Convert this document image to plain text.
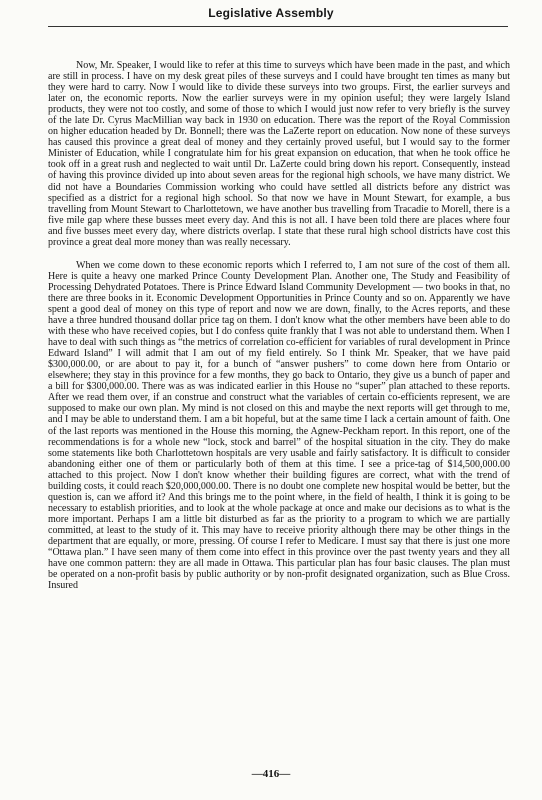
Legislative Assembly

Now, Mr. Speaker, I would like to refer at this time to surveys which have been made in the past, and which are still in process. I have on my desk great piles of these surveys and I could have brought ten times as many but they were hard to carry. Now I would like to divide these surveys into two groups. First, the earlier surveys and later on, the economic reports. Now the earlier surveys were in my opinion useful; they were largely Island products, they were not too costly, and some of those to which I would just now refer to very briefly is the survey of the late Dr. Cyrus MacMillian way back in 1930 on education. There was the report of the Royal Commission on higher education headed by Dr. Bonnell; there was the LaZerte report on education. Now none of these surveys has caused this province a great deal of money and they certainly proved useful, but I would say to the former Minister of Education, while I congratulate him for his great expansion on education, that when he took office he took off in a great rush and neglected to wait until Dr. LaZerte could bring down his report. Consequently, instead of having this province divided up into about seven areas for the regional high schools, we have many district. We did not have a Boundaries Commission working who could have settled all districts before any district was specified as a district for a regional high school. So that now we have in Mount Stewart, for example, a bus travelling from Mount Stewart to Charlottetown, we have another bus travelling from Tracadie to Morell, there is a five mile gap where these busses meet every day. And this is not all. I have been told there are places where four and five busses meet every day, where districts overlap. I state that these rural high school districts have cost this province a great deal more money than was really necessary.

When we come down to these economic reports which I referred to, I am not sure of the cost of them all. Here is quite a heavy one marked Prince County Development Plan. Another one, The Study and Feasibility of Processing Dehydrated Potatoes. There is Prince Edward Island Community Development — two books in that, no there are three books in it. Economic Development Opportunities in Prince County and so on. Apparently we have spent a good deal of money on this type of report and now we are down, finally, to the Acres reports, and these have a three hundred thousand dollar price tag on them. I don't know what the other members have been able to do with these who have received copies, but I do confess quite frankly that I was not able to understand them. When I have to deal with such things as “the metrics of correlation co-efficient for variables of rural development in Prince Edward Island” I will admit that I am out of my field entirely. So I think Mr. Speaker, that we have paid $300,000.00, or are about to pay it, for a bunch of “answer pushers” to come down here from Ontario or elsewhere; they stay in this province for a few months, they go back to Ontario, they give us a bunch of paper and a bill for $300,000.00. There was as was indicated earlier in this House no “super” plan attached to these reports. After we read them over, if an construe and construct what the variables of certain co-efficients represent, we are supposed to make our own plan. My mind is not closed on this and maybe the next reports will get through to me, and I may be able to understand them. I am a bit hopeful, but at the same time I lack a certain amount of faith. One of the last reports was mentioned in the House this morning, the Agnew-Peckham report. In this report, one of the recommendations is for a whole new “lock, stock and barrel” of the hospital situation in the city. They do make some statements like both Charlottetown hospitals are very usable and fairly satisfactory. It is difficult to consider abandoning either one of them or particularly both of them at this time. I see a price-tag of $14,500,000.00 attached to this project. Now I don't know whether their building figures are correct, what with the trend of building costs, it could reach $20,000,000.00. There is no doubt one complete new hospital would be better, but the question is, can we afford it? And this brings me to the point where, in the field of health, I think it is going to be necessary to establish priorities, and to look at the whole package at once and make our decisions as to what is the more important. Perhaps I am a little bit disturbed as far as the priority to a program to which we are partially committed, at least to the study of it. This may have to receive priority although there may be other things in the department that are equally, or more, pressing. Of course I refer to Medicare. I must say that there is just one more “Ottawa plan.” I have seen many of them come into effect in this province over the past twenty years and they all have one common pattern: they are all made in Ottawa. This particular plan has four basic clauses. The plan must be operated on a non-profit basis by public authority or by non-profit designated organization, such as Blue Cross. Insured

—416—
